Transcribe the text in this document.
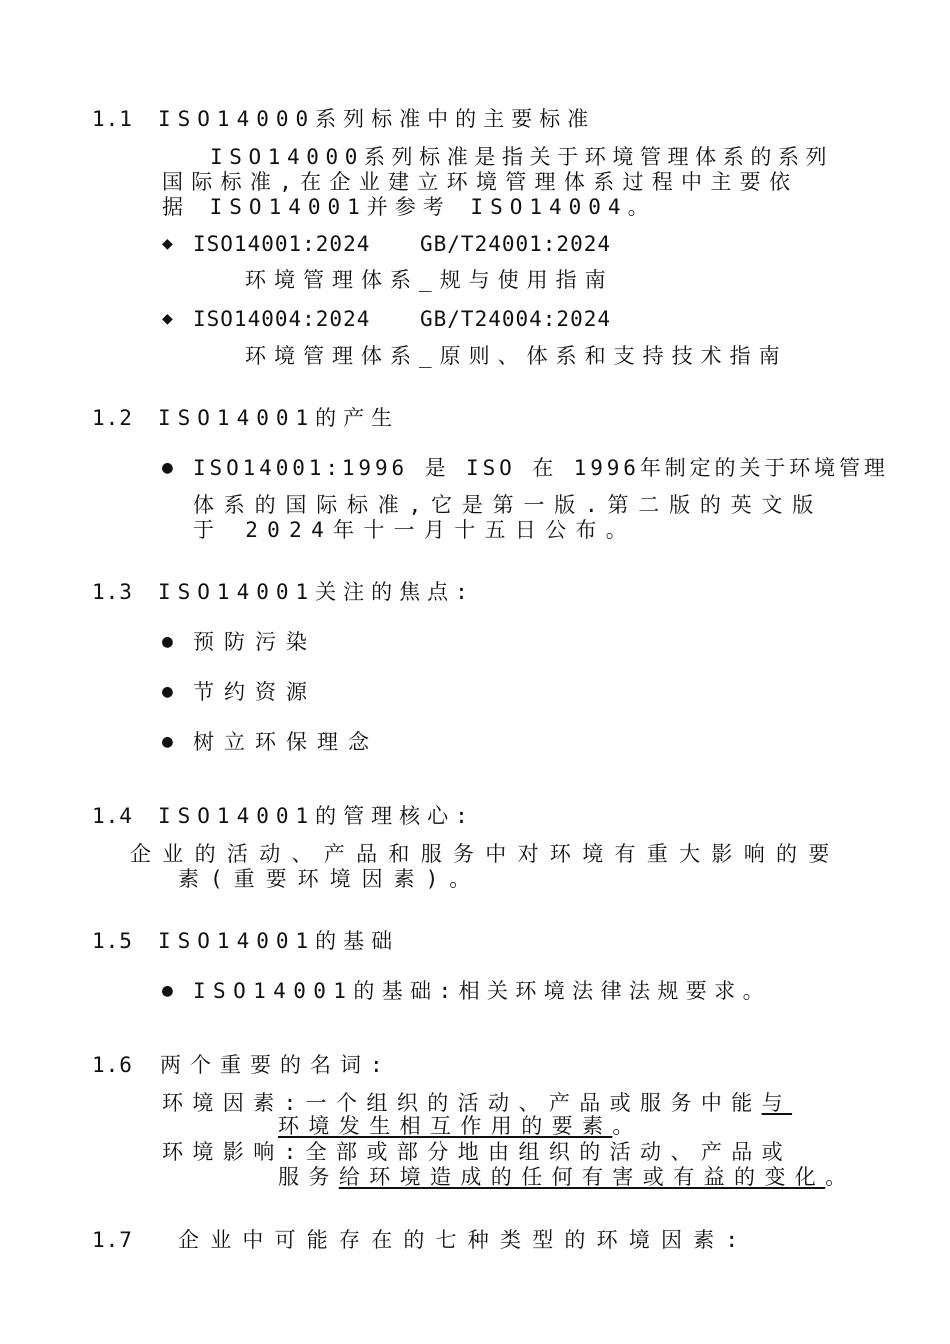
1.1 ISO14000系列标准中的主要标准
ISO14000系列标准是指关于环境管理体系的系列
国际标准,在企业建立环境管理体系过程中主要依
据 ISO14001并参考 ISO14004。
◆ ISO14001:2024 GB/T24001:2024
环境管理体系_规与使用指南
◆ ISO14004:2024 GB/T24004:2024
环境管理体系_原则、体系和支持技术指南
1.2 ISO14001的产生
● ISO14001:1996 是 ISO 在 1996年制定的关于环境管理
体系的国际标准,它是第一版.第二版的英文版
于 2024年十一月十五日公布。
1.3 ISO14001关注的焦点:
● 预防污染
● 节约资源
● 树立环保理念
1.4 ISO14001的管理核心:
企业的活动、产品和服务中对环境有重大影响的要
素(重要环境因素)。
1.5 ISO14001的基础
● ISO14001的基础:相关环境法律法规要求。
1.6 两个重要的名词:
环境因素:一个组织的活动、产品或服务中能与
环境发生相互作用的要素。
环境影响:全部或部分地由组织的活动、产品或
服务给环境造成的任何有害或有益的变化。
1.7 企业中可能存在的七种类型的环境因素:
